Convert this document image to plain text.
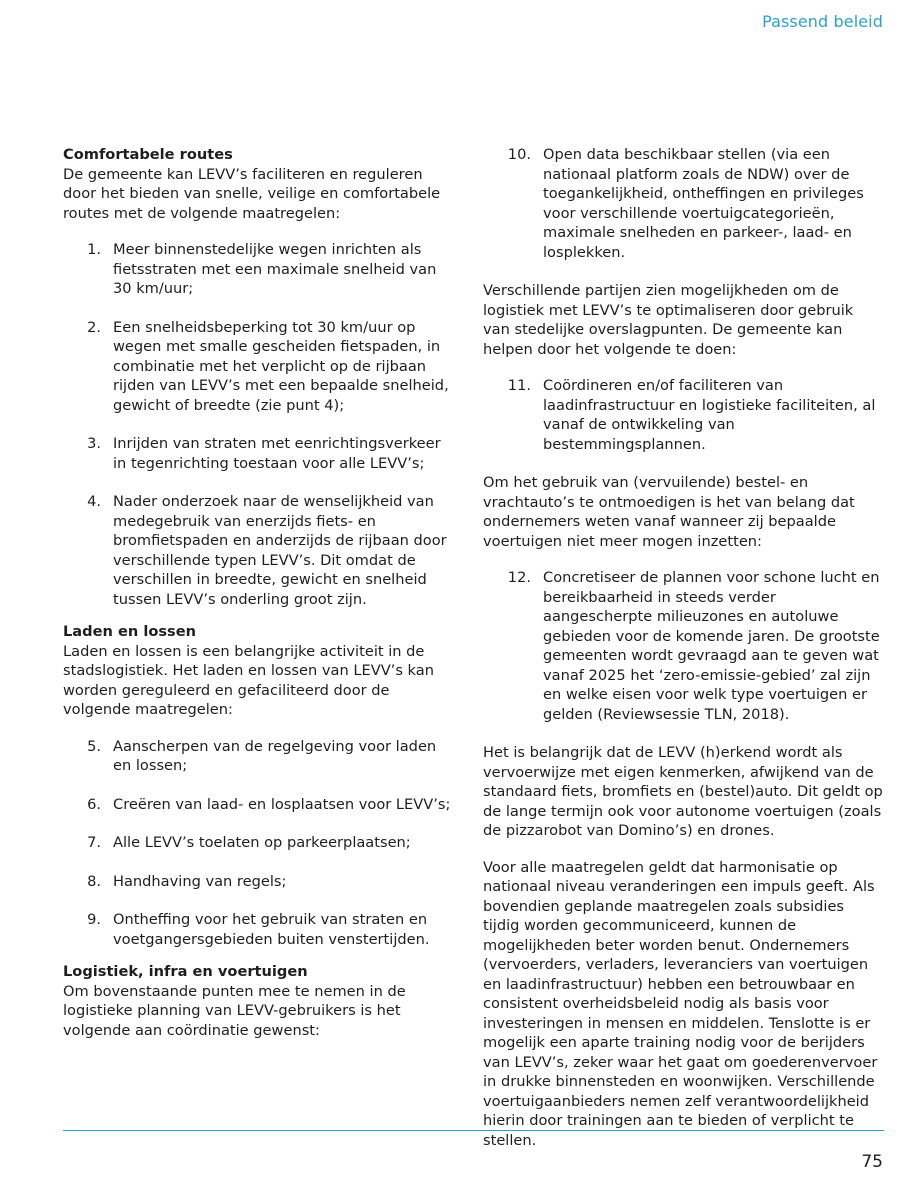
Passend beleid
Comfortabele routes

De gemeente kan LEVV’s faciliteren en reguleren door het bieden van snelle, veilige en comfortabele routes met de volgende maatregelen:

1. Meer binnenstedelijke wegen inrichten als fietsstraten met een maximale snelheid van 30 km/uur;
2. Een snelheidsbeperking tot 30 km/uur op wegen met smalle gescheiden fietspaden, in combinatie met het verplicht op de rijbaan rijden van LEVV’s met een bepaalde snelheid, gewicht of breedte (zie punt 4);
3. Inrijden van straten met eenrichtingsverkeer in tegenrichting toestaan voor alle LEVV’s;
4. Nader onderzoek naar de wenselijkheid van medegebruik van enerzijds fiets- en bromfietspaden en anderzijds de rijbaan door verschillende typen LEVV’s. Dit omdat de verschillen in breedte, gewicht en snelheid tussen LEVV’s onderling groot zijn.
Laden en lossen

Laden en lossen is een belangrijke activiteit in de stadslogistiek. Het laden en lossen van LEVV’s kan worden gereguleerd en gefaciliteerd door de volgende maatregelen:

5. Aanscherpen van de regelgeving voor laden en lossen;
6. Creëren van laad- en losplaatsen voor LEVV’s;
7. Alle LEVV’s toelaten op parkeerplaatsen;
8. Handhaving van regels;
9. Ontheffing voor het gebruik van straten en voetgangersgebieden buiten venstertijden.
Logistiek, infra en voertuigen

Om bovenstaande punten mee te nemen in de logistieke planning van LEVV-gebruikers is het volgende aan coördinatie gewenst:

10. Open data beschikbaar stellen (via een nationaal platform zoals de NDW) over de toegankelijkheid, ontheffingen en privileges voor verschillende voertuigcategorieën, maximale snelheden en parkeer-, laad- en losplekken.

Verschillende partijen zien mogelijkheden om de logistiek met LEVV’s te optimaliseren door gebruik van stedelijke overslagpunten. De gemeente kan helpen door het volgende te doen:

11. Coördineren en/of faciliteren van laadinfrastructuur en logistieke faciliteiten, al vanaf de ontwikkeling van bestemmingsplannen.

Om het gebruik van (vervuilende) bestel- en vrachtauto’s te ontmoedigen is het van belang dat ondernemers weten vanaf wanneer zij bepaalde voertuigen niet meer mogen inzetten:

12. Concretiseer de plannen voor schone lucht en bereikbaarheid in steeds verder aangescherpte milieuzones en autoluwe gebieden voor de komende jaren. De grootste gemeenten wordt gevraagd aan te geven wat vanaf 2025 het ‘zero-emissie-gebied’ zal zijn en welke eisen voor welk type voertuigen er gelden (Reviewsessie TLN, 2018).

Het is belangrijk dat de LEVV (h)erkend wordt als vervoerwijze met eigen kenmerken, afwijkend van de standaard fiets, bromfiets en (bestel)auto. Dit geldt op de lange termijn ook voor autonome voertuigen (zoals de pizzarobot van Domino’s) en drones.

Voor alle maatregelen geldt dat harmonisatie op nationaal niveau veranderingen een impuls geeft. Als bovendien geplande maatregelen zoals subsidies tijdig worden gecommuniceerd, kunnen de mogelijkheden beter worden benut. Ondernemers (vervoerders, verladers, leveranciers van voertuigen en laadinfrastructuur) hebben een betrouwbaar en consistent overheidsbeleid nodig als basis voor investeringen in mensen en middelen. Tenslotte is er mogelijk een aparte training nodig voor de berijders van LEVV’s, zeker waar het gaat om goederenvervoer in drukke binnensteden en woonwijken. Verschillende voertuigaanbieders nemen zelf verantwoordelijkheid hierin door trainingen aan te bieden of verplicht te stellen.

75
